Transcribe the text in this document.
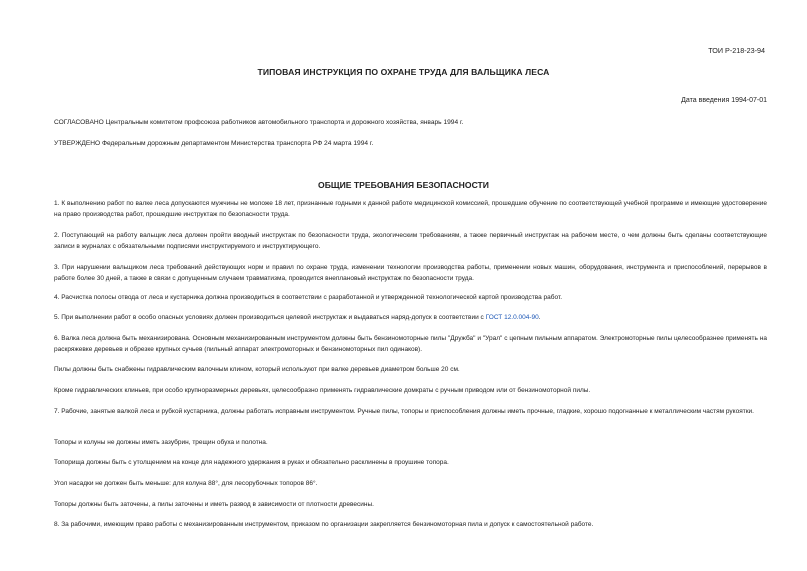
ТОИ Р-218-23-94
ТИПОВАЯ ИНСТРУКЦИЯ ПО ОХРАНЕ ТРУДА ДЛЯ ВАЛЬЩИКА ЛЕСА
Дата введения 1994-07-01
СОГЛАСОВАНО Центральным комитетом профсоюза работников автомобильного транспорта и дорожного хозяйства, январь 1994 г.
УТВЕРЖДЕНО Федеральным дорожным департаментом Министерства транспорта РФ 24 марта 1994 г.
ОБЩИЕ ТРЕБОВАНИЯ БЕЗОПАСНОСТИ
1. К выполнению работ по валке леса допускаются мужчины не моложе 18 лет, признанные годными к данной работе медицинской комиссией, прошедшие обучение по соответствующей учебной программе и имеющие удостоверение на право производства работ, прошедшие инструктаж по безопасности труда.
2. Поступающий на работу вальщик леса должен пройти вводный инструктаж по безопасности труда, экологическим требованиям, а также первичный инструктаж на рабочем месте, о чем должны быть сделаны соответствующие записи в журналах с обязательными подписями инструктируемого и инструктирующего.
3. При нарушении вальщиком леса требований действующих норм и правил по охране труда, изменении технологии производства работы, применении новых машин, оборудования, инструмента и приспособлений, перерывов в работе более 30 дней, а также в связи с допущенным случаем травматизма, проводится внеплановый инструктаж по безопасности труда.
4. Расчистка полосы отвода от леса и кустарника должна производиться в соответствии с разработанной и утвержденной технологической картой производства работ.
5. При выполнении работ в особо опасных условиях должен производиться целевой инструктаж и выдаваться наряд-допуск в соответствии с ГОСТ 12.0.004-90.
6. Валка леса должна быть механизирована. Основным механизированным инструментом должны быть бензиномоторные пилы "Дружба" и "Урал" с цепным пильным аппаратом. Электромоторные пилы целесообразнее применять на раскряжевке деревьев и обрезке крупных сучьев (пильный аппарат электромоторных и бензиномоторных пил одинаков).
Пилы должны быть снабжены гидравлическим валочным клином, который используют при валке деревьев диаметром больше 20 см.
Кроме гидравлических клиньев, при особо крупноразмерных деревьях, целесообразно применять гидравлические домкраты с ручным приводом или от бензиномоторной пилы.
7. Рабочие, занятые валкой леса и рубкой кустарника, должны работать исправным инструментом. Ручные пилы, топоры и приспособления должны иметь прочные, гладкие, хорошо подогнанные к металлическим частям рукоятки.
Топоры и колуны не должны иметь зазубрин, трещин обуха и полотна.
Топорища должны быть с утолщением на конце для надежного удержания в руках и обязательно расклинены в проушине топора.
Угол насадки не должен быть меньше: для колуна 88°, для лесорубочных топоров 86°.
Топоры должны быть заточены, а пилы заточены и иметь развод в зависимости от плотности древесины.
8. За рабочими, имеющим право работы с механизированным инструментом, приказом по организации закрепляется бензиномоторная пила и допуск к самостоятельной работе.
